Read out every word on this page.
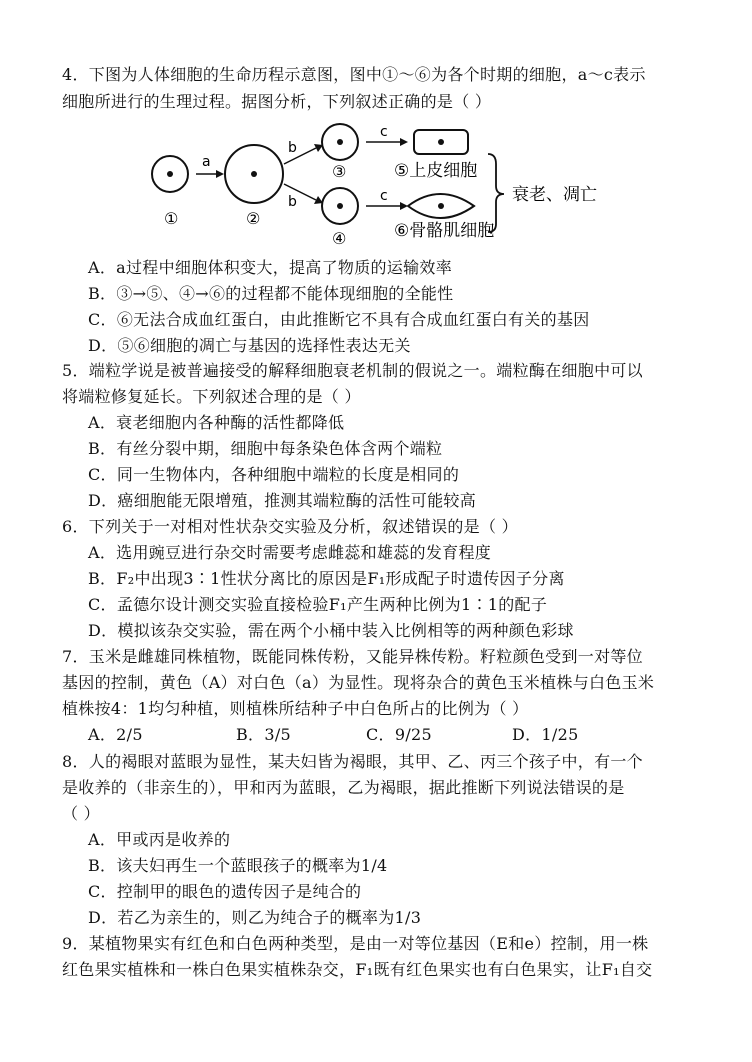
4．下图为人体细胞的生命历程示意图，图中①～⑥为各个时期的细胞，a～c表示
细胞所进行的生理过程。据图分析，下列叙述正确的是（ ）
①
a
②
b
b
③
④
c
c
⑤上皮细胞
⑥骨骼肌细胞
衰老、凋亡
A．a过程中细胞体积变大，提高了物质的运输效率
B．③→⑤、④→⑥的过程都不能体现细胞的全能性
C．⑥无法合成血红蛋白，由此推断它不具有合成血红蛋白有关的基因
D．⑤⑥细胞的凋亡与基因的选择性表达无关
5．端粒学说是被普遍接受的解释细胞衰老机制的假说之一。端粒酶在细胞中可以
将端粒修复延长。下列叙述合理的是（ ）
A．衰老细胞内各种酶的活性都降低
B．有丝分裂中期，细胞中每条染色体含两个端粒
C．同一生物体内，各种细胞中端粒的长度是相同的
D．癌细胞能无限增殖，推测其端粒酶的活性可能较高
6．下列关于一对相对性状杂交实验及分析，叙述错误的是（ ）
A．选用豌豆进行杂交时需要考虑雌蕊和雄蕊的发育程度
B．F₂中出现3∶1性状分离比的原因是F₁形成配子时遗传因子分离
C．孟德尔设计测交实验直接检验F₁产生两种比例为1∶1的配子
D．模拟该杂交实验，需在两个小桶中装入比例相等的两种颜色彩球
7．玉米是雌雄同株植物，既能同株传粉，又能异株传粉。籽粒颜色受到一对等位
基因的控制，黄色（A）对白色（a）为显性。现将杂合的黄色玉米植株与白色玉米
植株按4：1均匀种植，则植株所结种子中白色所占的比例为（ ）
A．2/5	B．3/5	C．9/25	D．1/25
8．人的褐眼对蓝眼为显性，某夫妇皆为褐眼，其甲、乙、丙三个孩子中，有一个
是收养的（非亲生的），甲和丙为蓝眼，乙为褐眼，据此推断下列说法错误的是
（ ）
A．甲或丙是收养的
B．该夫妇再生一个蓝眼孩子的概率为1/4
C．控制甲的眼色的遗传因子是纯合的
D．若乙为亲生的，则乙为纯合子的概率为1/3
9．某植物果实有红色和白色两种类型，是由一对等位基因（E和e）控制，用一株
红色果实植株和一株白色果实植株杂交，F₁既有红色果实也有白色果实，让F₁自交
